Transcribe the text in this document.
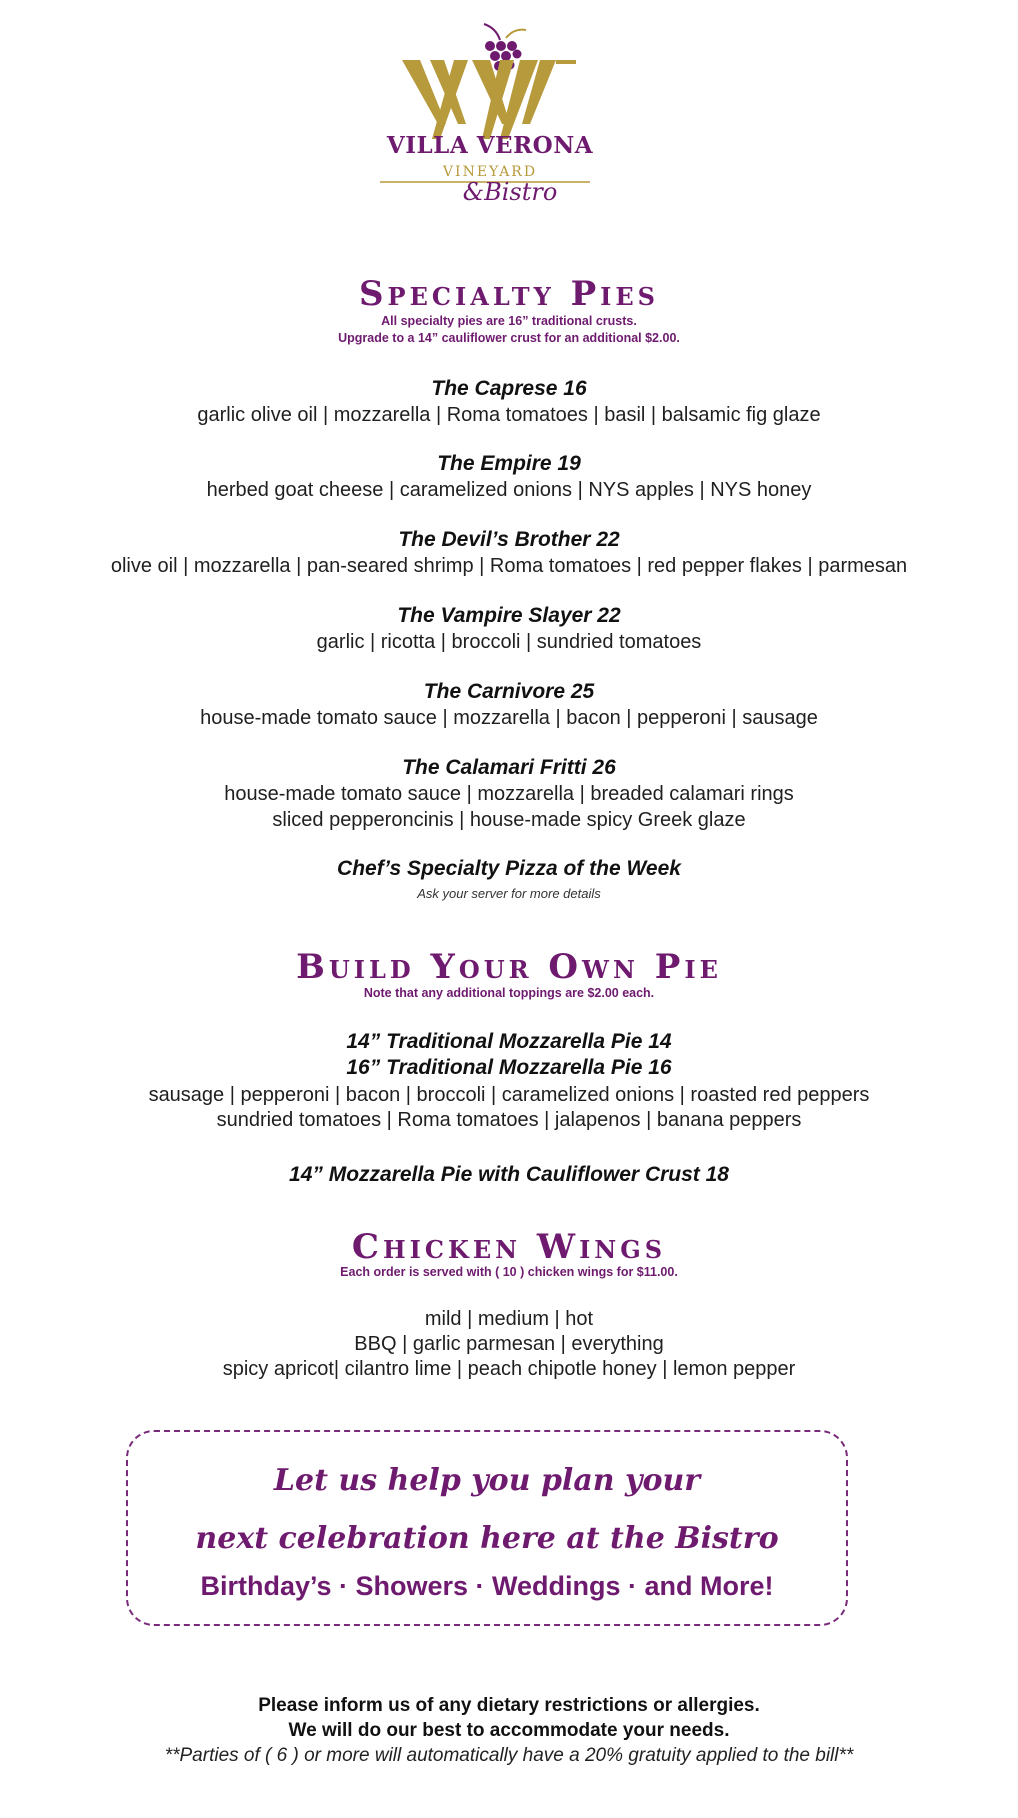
VILLA VERONA
VINEYARD
&Bistro
Specialty Pies
All specialty pies are 16” traditional crusts.
Upgrade to a 14” cauliflower crust for an additional $2.00.
The Caprese 16
garlic olive oil | mozzarella | Roma tomatoes | basil | balsamic fig glaze
The Empire 19
herbed goat cheese | caramelized onions | NYS apples | NYS honey
The Devil’s Brother 22
olive oil | mozzarella | pan-seared shrimp | Roma tomatoes | red pepper flakes | parmesan
The Vampire Slayer 22
garlic | ricotta | broccoli | sundried tomatoes
The Carnivore 25
house-made tomato sauce | mozzarella | bacon | pepperoni | sausage
The Calamari Fritti 26
house-made tomato sauce | mozzarella | breaded calamari rings
sliced pepperoncinis | house-made spicy Greek glaze
Chef’s Specialty Pizza of the Week
Ask your server for more details
Build Your Own Pie
Note that any additional toppings are $2.00 each.
14” Traditional Mozzarella Pie 14
16” Traditional Mozzarella Pie 16
sausage | pepperoni | bacon | broccoli | caramelized onions | roasted red peppers
sundried tomatoes | Roma tomatoes | jalapenos | banana peppers
14” Mozzarella Pie with Cauliflower Crust 18
Chicken Wings
Each order is served with ( 10 ) chicken wings for $11.00.
mild | medium | hot
BBQ | garlic parmesan | everything
spicy apricot| cilantro lime | peach chipotle honey | lemon pepper
Let us help you plan your
next celebration here at the Bistro
Birthday’s · Showers · Weddings · and More!
Please inform us of any dietary restrictions or allergies.
We will do our best to accommodate your needs.
**Parties of ( 6 ) or more will automatically have a 20% gratuity applied to the bill**
